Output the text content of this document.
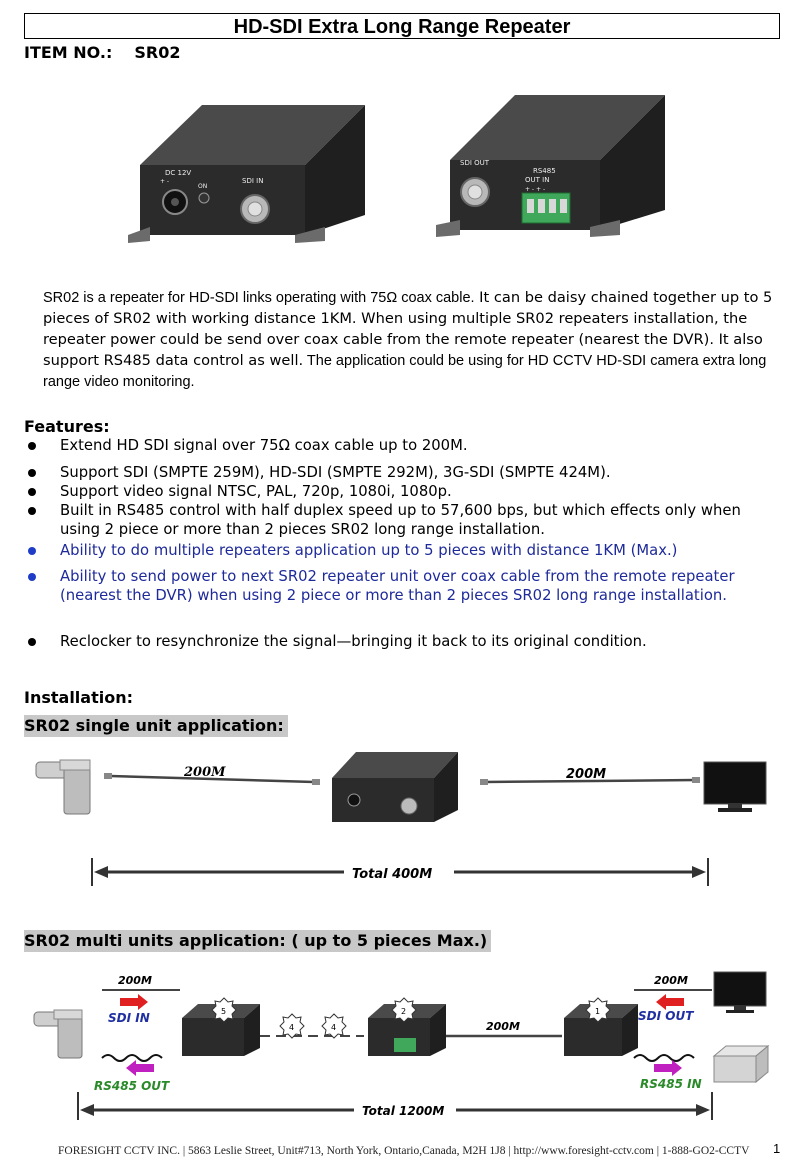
HD-SDI Extra Long Range Repeater
ITEM NO.: SR02
DC 12V
+ -
ON
SDI IN
SDI OUT
RS485
OUT IN
+ - + -
SR02 is a repeater for HD-SDI links operating with 75Ω coax cable. It can be daisy chained together up to 5 pieces of SR02 with working distance 1KM. When using multiple SR02 repeaters installation, the repeater power could be send over coax cable from the remote repeater (nearest the DVR). It also support RS485 data control as well. The application could be using for HD CCTV HD-SDI camera extra long range video monitoring.
Features:
Extend HD SDI signal over 75Ω coax cable up to 200M.
Support SDI (SMPTE 259M), HD-SDI (SMPTE 292M), 3G-SDI (SMPTE 424M).
Support video signal NTSC, PAL, 720p, 1080i, 1080p.
Built in RS485 control with half duplex speed up to 57,600 bps, but which effects only when using 2 piece or more than 2 pieces SR02 long range installation.
Ability to do multiple repeaters application up to 5 pieces with distance 1KM (Max.)
Ability to send power to next SR02 repeater unit over coax cable from the remote repeater (nearest the DVR) when using 2 piece or more than 2 pieces SR02 long range installation.
Reclocker to resynchronize the signal—bringing it back to its original condition.
Installation:
SR02 single unit application:
200M	200M
Total 400M
SR02 multi units application: ( up to 5 pieces Max.)
200M
SDI IN
RS485 OUT
5
4	4
2
200M
1
200M
SDI OUT
RS485 IN
Total 1200M
FORESIGHT CCTV INC. | 5863 Leslie Street, Unit#713, North York, Ontario,Canada, M2H 1J8 | http://www.foresight-cctv.com | 1-888-GO2-CCTV 1
